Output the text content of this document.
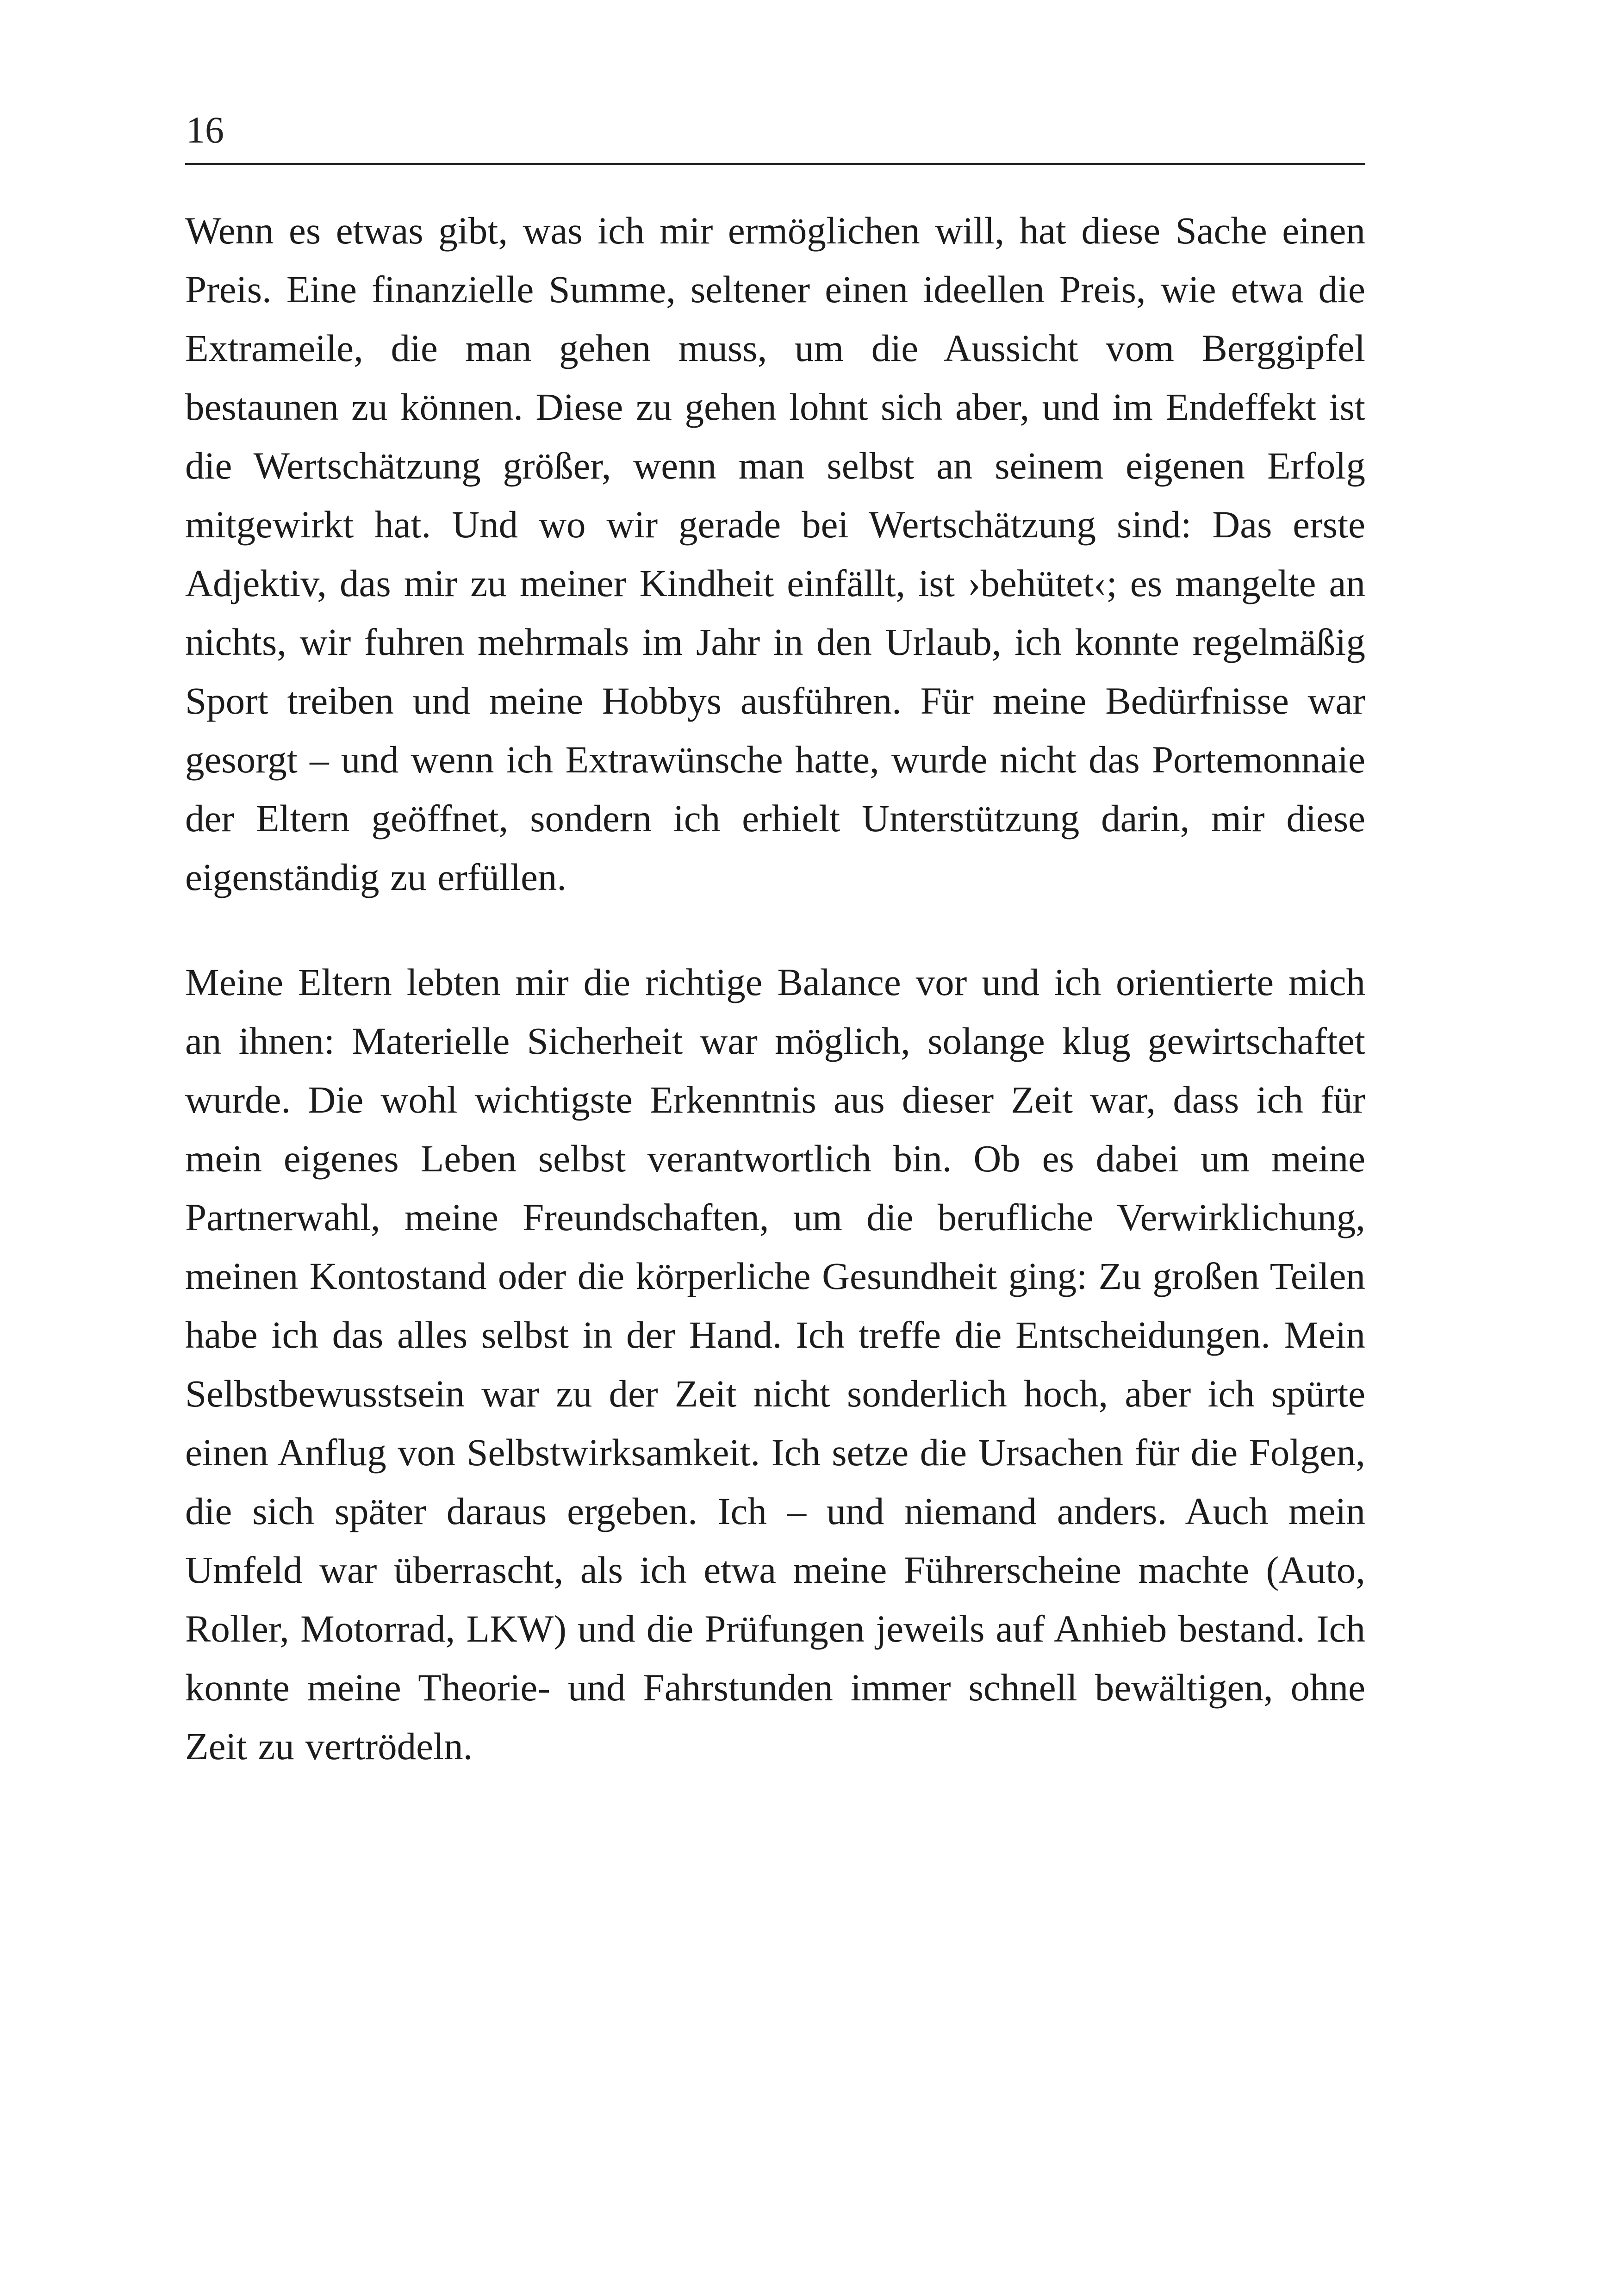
16

Wenn es etwas gibt, was ich mir ermöglichen will, hat diese Sache einen Preis. Eine finanzielle Summe, seltener einen ideellen Preis, wie etwa die Extrameile, die man gehen muss, um die Aussicht vom Berggipfel bestaunen zu können. Diese zu gehen lohnt sich aber, und im Endeffekt ist die Wertschätzung größer, wenn man selbst an seinem eigenen Erfolg mitgewirkt hat. Und wo wir gerade bei Wertschätzung sind: Das erste Adjektiv, das mir zu meiner Kindheit einfällt, ist ›behütet‹; es mangelte an nichts, wir fuhren mehrmals im Jahr in den Urlaub, ich konnte regelmäßig Sport treiben und meine Hobbys ausführen. Für meine Bedürfnisse war gesorgt – und wenn ich Extrawünsche hatte, wurde nicht das Portemonnaie der Eltern geöffnet, sondern ich erhielt Unterstützung darin, mir diese eigenständig zu erfüllen.

Meine Eltern lebten mir die richtige Balance vor und ich orientierte mich an ihnen: Materielle Sicherheit war möglich, solange klug gewirtschaftet wurde. Die wohl wichtigste Erkenntnis aus dieser Zeit war, dass ich für mein eigenes Leben selbst verantwortlich bin. Ob es dabei um meine Partnerwahl, meine Freundschaften, um die berufliche Verwirklichung, meinen Kontostand oder die körperliche Gesundheit ging: Zu großen Teilen habe ich das alles selbst in der Hand. Ich treffe die Entscheidungen. Mein Selbstbewusstsein war zu der Zeit nicht sonderlich hoch, aber ich spürte einen Anflug von Selbstwirksamkeit. Ich setze die Ursachen für die Folgen, die sich später daraus ergeben. Ich – und niemand anders. Auch mein Umfeld war überrascht, als ich etwa meine Führerscheine machte (Auto, Roller, Motorrad, LKW) und die Prüfungen jeweils auf Anhieb bestand. Ich konnte meine Theorie- und Fahrstunden immer schnell bewältigen, ohne Zeit zu vertrödeln.
